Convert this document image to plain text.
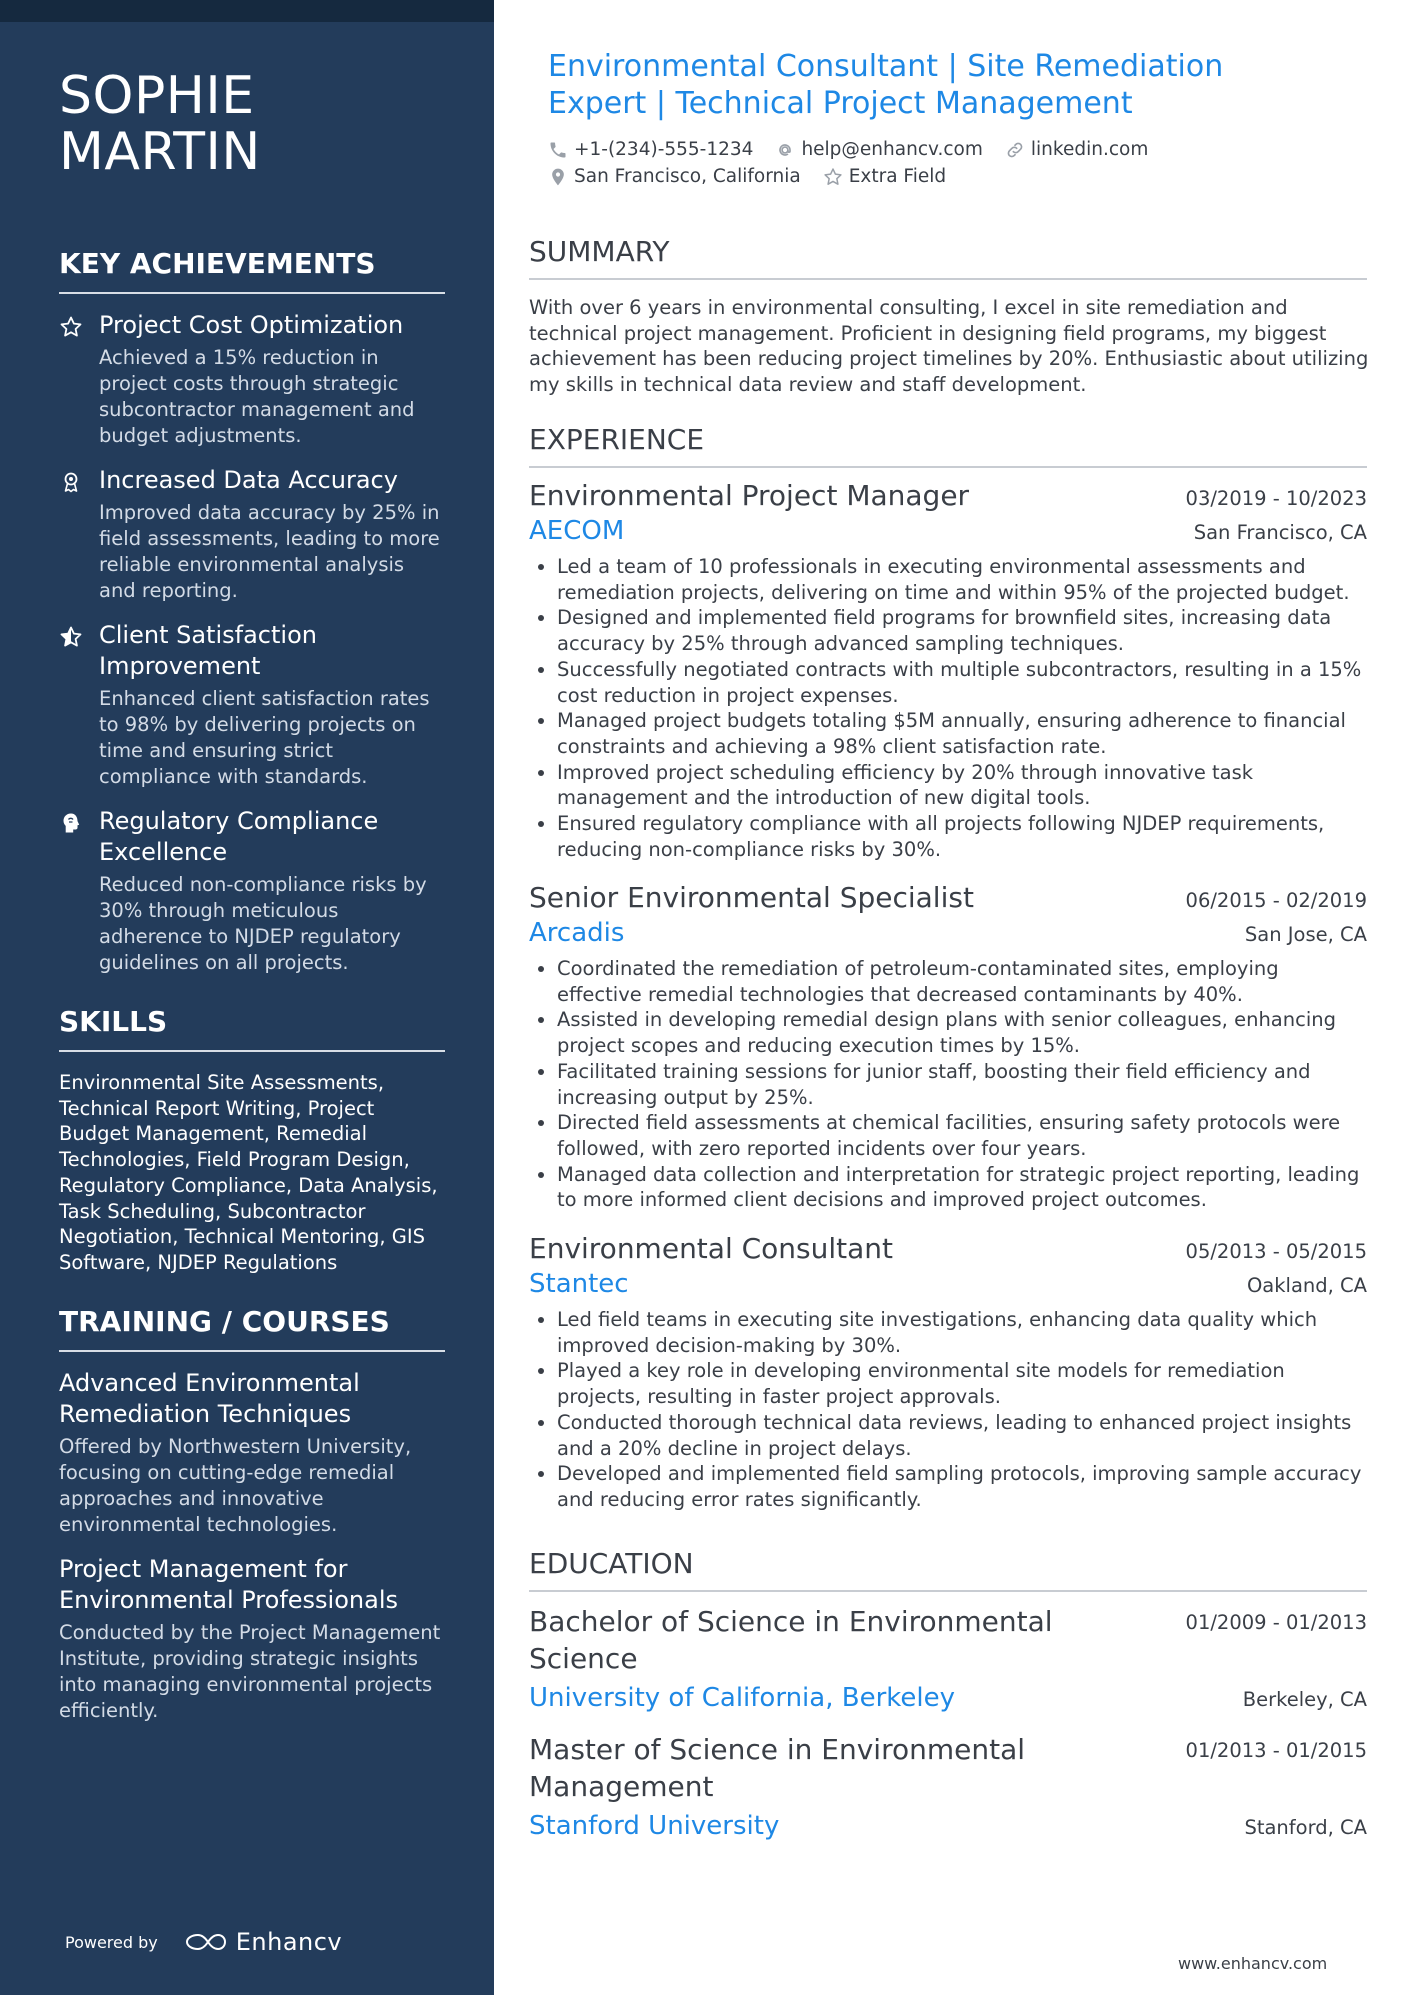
SOPHIE
MARTIN
KEY ACHIEVEMENTS
Project Cost Optimization
Achieved a 15% reduction in project costs through strategic subcontractor management and budget adjustments.
Increased Data Accuracy
Improved data accuracy by 25% in field assessments, leading to more reliable environmental analysis and reporting.
Client Satisfaction Improvement
Enhanced client satisfaction rates to 98% by delivering projects on time and ensuring strict compliance with standards.
Regulatory Compliance Excellence
Reduced non-compliance risks by 30% through meticulous adherence to NJDEP regulatory guidelines on all projects.
SKILLS
Environmental Site Assessments, Technical Report Writing, Project Budget Management, Remedial Technologies, Field Program Design, Regulatory Compliance, Data Analysis, Task Scheduling, Subcontractor Negotiation, Technical Mentoring, GIS Software, NJDEP Regulations
TRAINING / COURSES
Advanced Environmental Remediation Techniques
Offered by Northwestern University, focusing on cutting-edge remedial approaches and innovative environmental technologies.
Project Management for Environmental Professionals
Conducted by the Project Management Institute, providing strategic insights into managing environmental projects efficiently.
Powered by	Enhancv
Environmental Consultant | Site Remediation Expert | Technical Project Management
+1-(234)-555-1234	help@enhancv.com	linkedin.com
San Francisco, California	Extra Field
SUMMARY
With over 6 years in environmental consulting, I excel in site remediation and technical project management. Proficient in designing field programs, my biggest achievement has been reducing project timelines by 20%. Enthusiastic about utilizing my skills in technical data review and staff development.
EXPERIENCE
Environmental Project Manager	03/2019 - 10/2023
AECOM	San Francisco, CA
• Led a team of 10 professionals in executing environmental assessments and remediation projects, delivering on time and within 95% of the projected budget.
• Designed and implemented field programs for brownfield sites, increasing data accuracy by 25% through advanced sampling techniques.
• Successfully negotiated contracts with multiple subcontractors, resulting in a 15% cost reduction in project expenses.
• Managed project budgets totaling $5M annually, ensuring adherence to financial constraints and achieving a 98% client satisfaction rate.
• Improved project scheduling efficiency by 20% through innovative task management and the introduction of new digital tools.
• Ensured regulatory compliance with all projects following NJDEP requirements, reducing non-compliance risks by 30%.
Senior Environmental Specialist	06/2015 - 02/2019
Arcadis	San Jose, CA
• Coordinated the remediation of petroleum-contaminated sites, employing effective remedial technologies that decreased contaminants by 40%.
• Assisted in developing remedial design plans with senior colleagues, enhancing project scopes and reducing execution times by 15%.
• Facilitated training sessions for junior staff, boosting their field efficiency and increasing output by 25%.
• Directed field assessments at chemical facilities, ensuring safety protocols were followed, with zero reported incidents over four years.
• Managed data collection and interpretation for strategic project reporting, leading to more informed client decisions and improved project outcomes.
Environmental Consultant	05/2013 - 05/2015
Stantec	Oakland, CA
• Led field teams in executing site investigations, enhancing data quality which improved decision-making by 30%.
• Played a key role in developing environmental site models for remediation projects, resulting in faster project approvals.
• Conducted thorough technical data reviews, leading to enhanced project insights and a 20% decline in project delays.
• Developed and implemented field sampling protocols, improving sample accuracy and reducing error rates significantly.
EDUCATION
Bachelor of Science in Environmental Science
01/2009 - 01/2013
University of California, Berkeley	Berkeley, CA
Master of Science in Environmental Management
01/2013 - 01/2015
Stanford University	Stanford, CA
www.enhancv.com
